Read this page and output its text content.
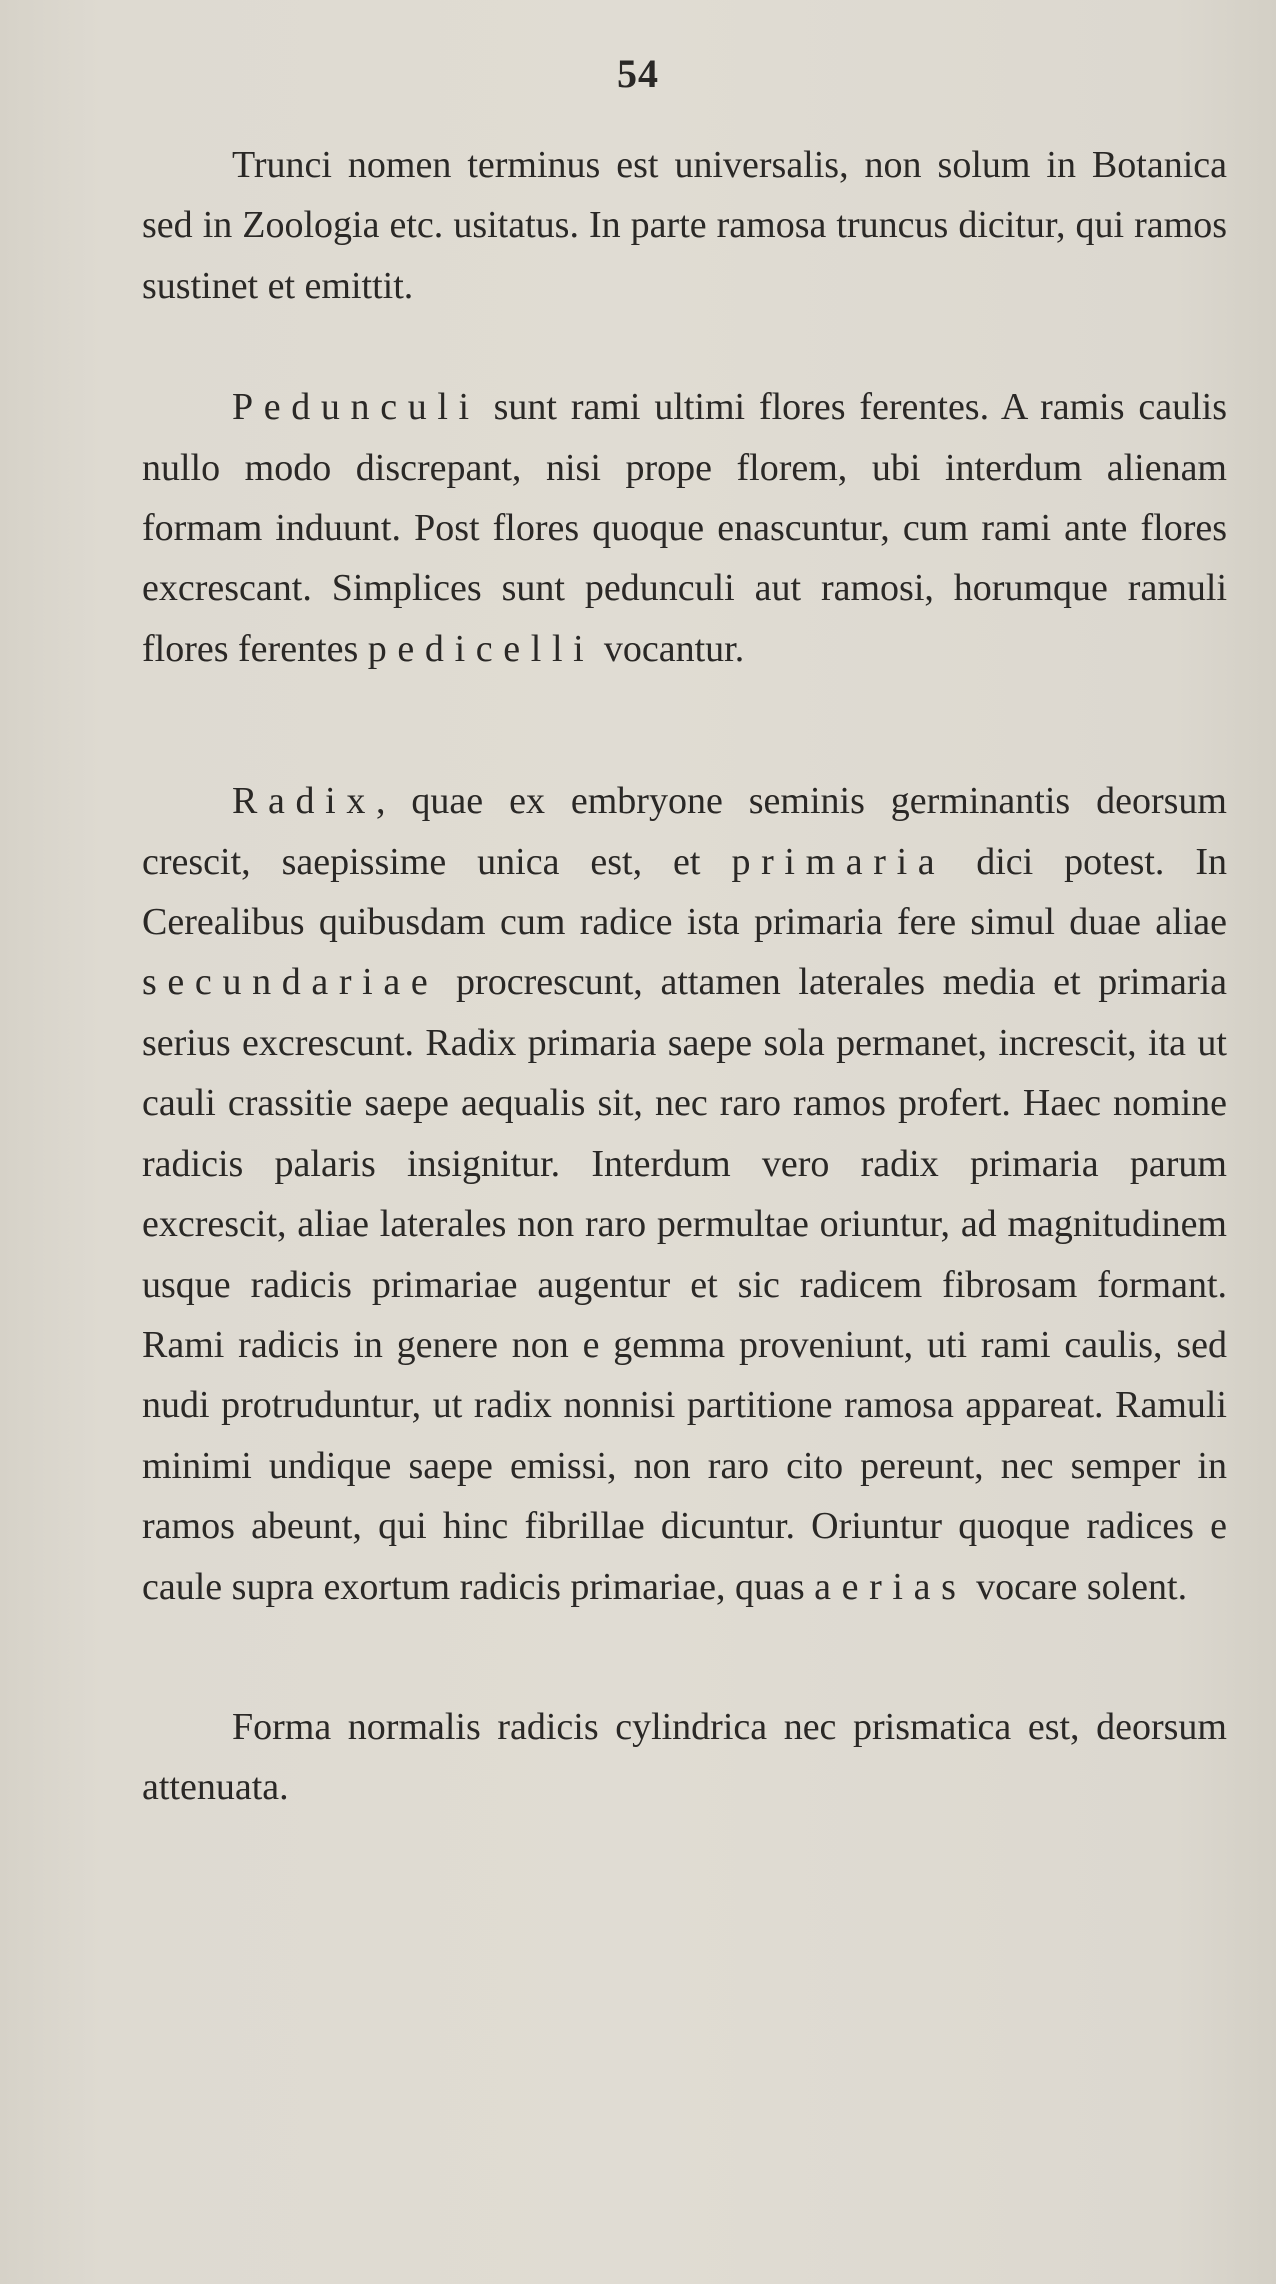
54

Trunci nomen terminus est universalis, non solum in Botanica sed in Zoologia etc. usitatus. In parte ramosa truncus dicitur, qui ramos sustinet et emittit.

Pedunculi sunt rami ultimi flores ferentes. A ramis caulis nullo modo discrepant, nisi prope florem, ubi interdum alienam formam induunt. Post flores quoque enascuntur, cum rami ante flores excrescant. Simplices sunt pedunculi aut ramosi, horumque ramuli flores ferentes pedicelli vocantur.

Radix, quae ex embryone seminis germinantis deorsum crescit, saepissime unica est, et primaria dici potest. In Cerealibus quibusdam cum radice ista primaria fere simul duae aliae secundariae procrescunt, attamen laterales media et primaria serius excrescunt. Radix primaria saepe sola permanet, increscit, ita ut cauli crassitie saepe aequalis sit, nec raro ramos profert. Haec nomine radicis palaris insignitur. Interdum vero radix primaria parum excrescit, aliae laterales non raro permultae oriuntur, ad magnitudinem usque radicis primariae augentur et sic radicem fibrosam formant. Rami radicis in genere non e gemma proveniunt, uti rami caulis, sed nudi protruduntur, ut radix nonnisi partitione ramosa appareat. Ramuli minimi undique saepe emissi, non raro cito pereunt, nec semper in ramos abeunt, qui hinc fibrillae dicuntur. Oriuntur quoque radices e caule supra exortum radicis primariae, quas aerias vocare solent.

Forma normalis radicis cylindrica nec prismatica est, deorsum attenuata.
